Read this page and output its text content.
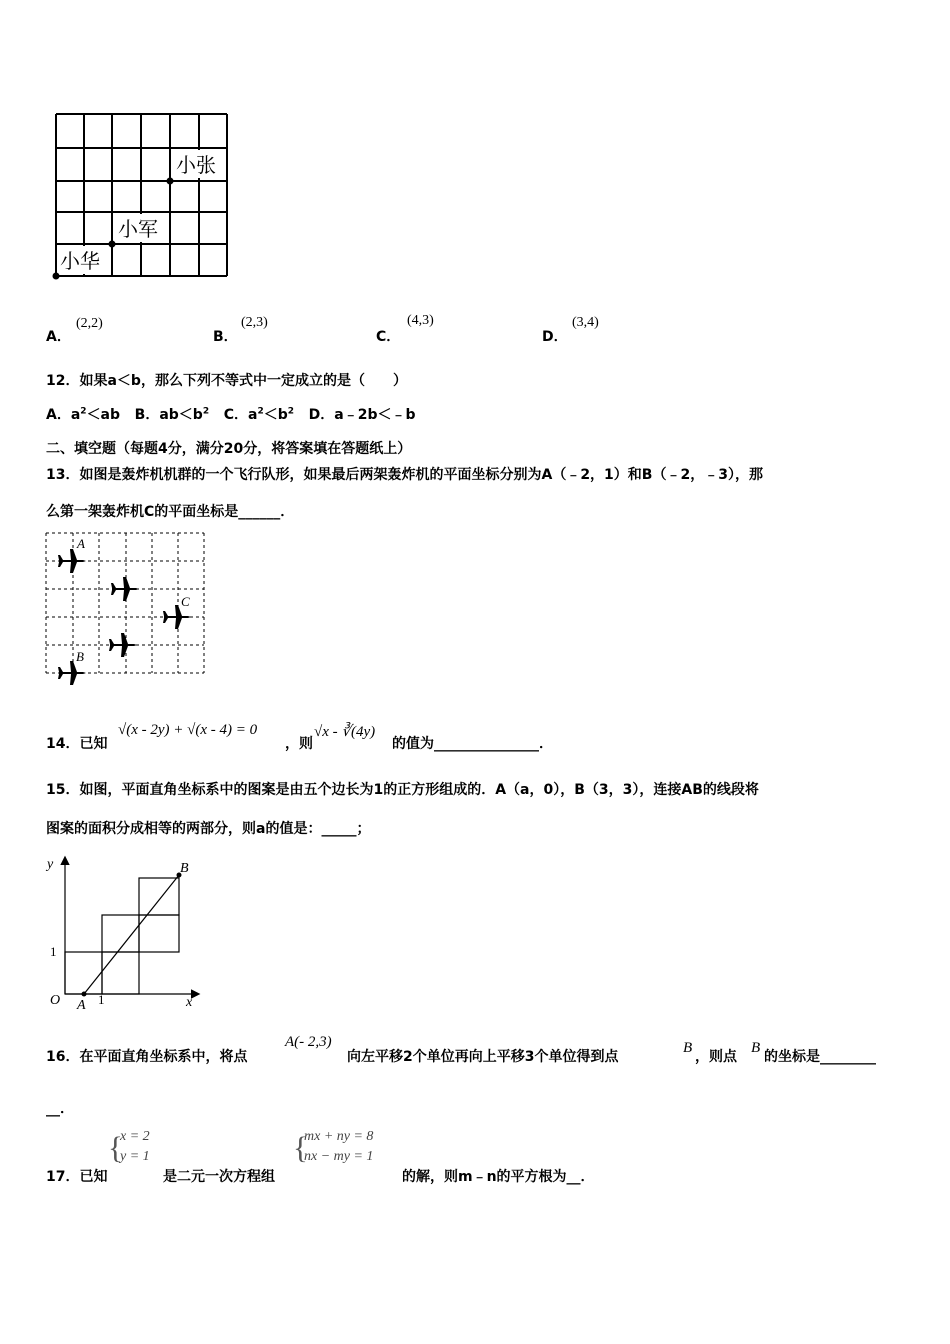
小张
小军
小华
A．
(2,2)
B．
(2,3)
C．
(4,3)
D．
(3,4)
12．如果a＜b，那么下列不等式中一定成立的是（　　）
A．$a^2<ab$ B．$ab<b^2$ C．$a^2<b^2$ D．a﹣2b＜﹣b
二、填空题（每题4分，满分20分，将答案填在答题纸上）
13．如图是轰炸机机群的一个飞行队形，如果最后两架轰炸机的平面坐标分别为A（﹣2，1）和B（﹣2，﹣3），那
么第一架轰炸机C的平面坐标是______．
A
C
B
14．已知
√(x - 2y) + √(x - 4) = 0
，则
√x - ∛(4y)
的值为_______________．
15．如图，平面直角坐标系中的图案是由五个边长为1的正方形组成的．A（a，0），B（3，3），连接AB的线段将
图案的面积分成相等的两部分，则a的值是：_____；
y
x
O A
B
1
1
16．在平面直角坐标系中，将点
A(- 2,3)
向左平移2个单位再向上平移3个单位得到点
B
，则点
B
的坐标是________
__．
17．已知
{
x = 2
y = 1
是二元一次方程组
{
mx + ny = 8
nx − my = 1
的解，则m﹣n的平方根为__．
